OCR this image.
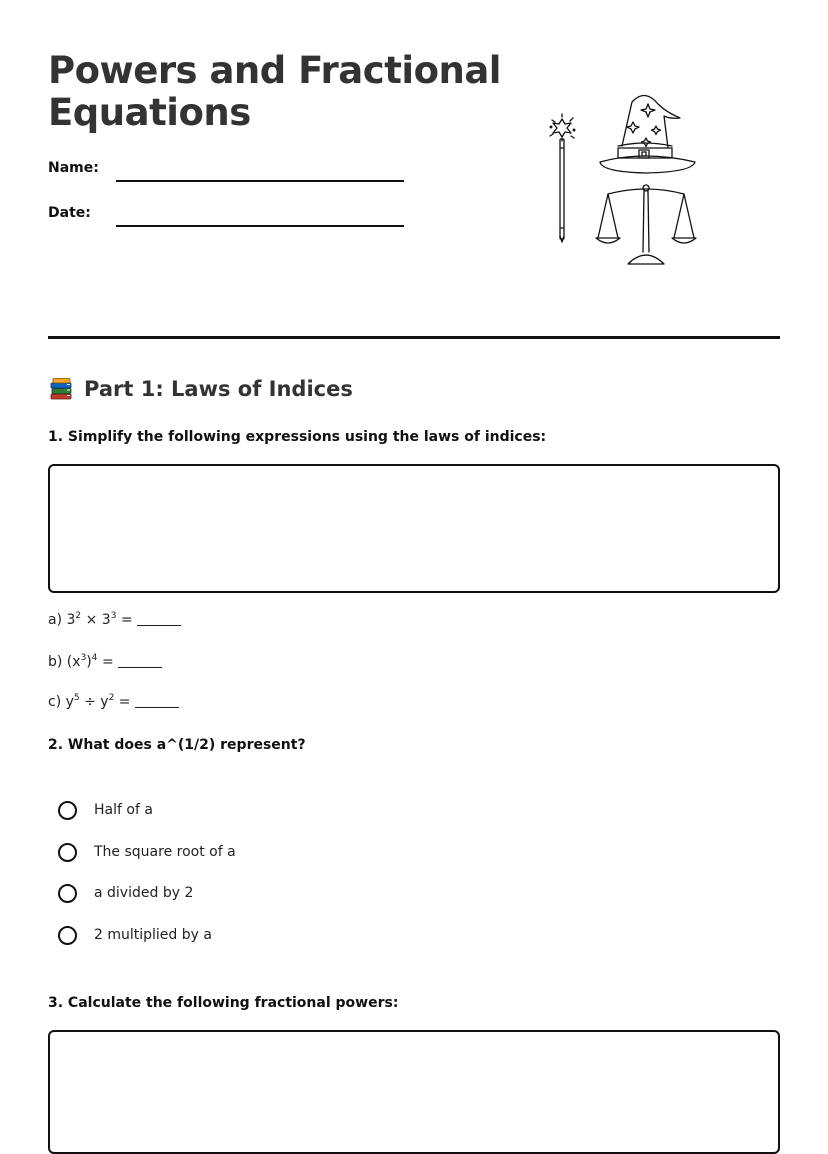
Powers and Fractional Equations
Name:
Date:
Part 1: Laws of Indices
1. Simplify the following expressions using the laws of indices:
a) $3^2 \times 3^3$ =
b) $(x^3)^4$ =
c) $y^5 \div y^2$ =
2. What does a^(1/2) represent?
Half of a
The square root of a
a divided by 2
2 multiplied by a
3. Calculate the following fractional powers:
